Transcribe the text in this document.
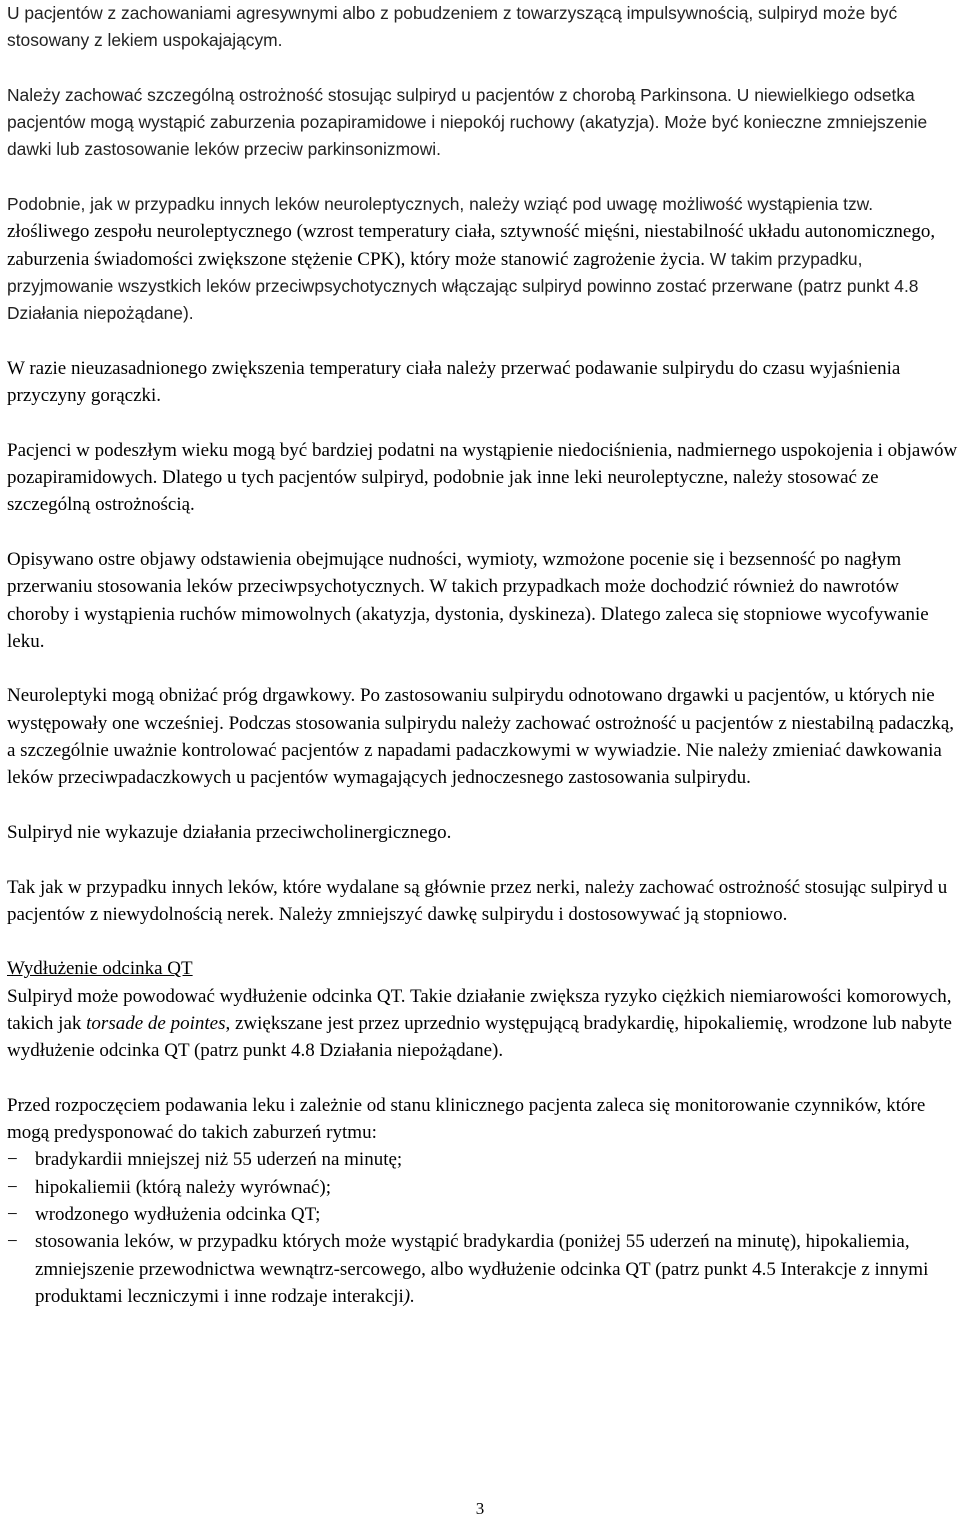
U pacjentów z zachowaniami agresywnymi albo z pobudzeniem z towarzyszącą impulsywnością, sulpiryd może być stosowany z lekiem uspokajającym.

Należy zachować szczególną ostrożność stosując sulpiryd u pacjentów z chorobą Parkinsona. U niewielkiego odsetka pacjentów mogą wystąpić zaburzenia pozapiramidowe i niepokój ruchowy (akatyzja). Może być konieczne zmniejszenie dawki lub zastosowanie leków przeciw parkinsonizmowi.

Podobnie, jak w przypadku innych leków neuroleptycznych, należy wziąć pod uwagę możliwość wystąpienia tzw. złośliwego zespołu neuroleptycznego (wzrost temperatury ciała, sztywność mięśni, niestabilność układu autonomicznego, zaburzenia świadomości zwiększone stężenie CPK), który może stanowić zagrożenie życia. W takim przypadku, przyjmowanie wszystkich leków przeciwpsychotycznych włączając sulpiryd powinno zostać przerwane (patrz punkt 4.8 Działania niepożądane).

W razie nieuzasadnionego zwiększenia temperatury ciała należy przerwać podawanie sulpirydu do czasu wyjaśnienia przyczyny gorączki.

Pacjenci w podeszłym wieku mogą być bardziej podatni na wystąpienie niedociśnienia, nadmiernego uspokojenia i objawów pozapiramidowych. Dlatego u tych pacjentów sulpiryd, podobnie jak inne leki neuroleptyczne, należy stosować ze szczególną ostrożnością.

Opisywano ostre objawy odstawienia obejmujące nudności, wymioty, wzmożone pocenie się i bezsenność po nagłym przerwaniu stosowania leków przeciwpsychotycznych. W takich przypadkach może dochodzić również do nawrotów choroby i wystąpienia ruchów mimowolnych (akatyzja, dystonia, dyskineza). Dlatego zaleca się stopniowe wycofywanie leku.

Neuroleptyki mogą obniżać próg drgawkowy. Po zastosowaniu sulpirydu odnotowano drgawki u pacjentów, u których nie występowały one wcześniej. Podczas stosowania sulpirydu należy zachować ostrożność u pacjentów z niestabilną padaczką, a szczególnie uważnie kontrolować pacjentów z napadami padaczkowymi w wywiadzie. Nie należy zmieniać dawkowania leków przeciwpadaczkowych u pacjentów wymagających jednoczesnego zastosowania sulpirydu.

Sulpiryd nie wykazuje działania przeciwcholinergicznego.

Tak jak w przypadku innych leków, które wydalane są głównie przez nerki, należy zachować ostrożność stosując sulpiryd u pacjentów z niewydolnością nerek. Należy zmniejszyć dawkę sulpirydu i dostosowywać ją stopniowo.

Wydłużenie odcinka QT

Sulpiryd może powodować wydłużenie odcinka QT. Takie działanie zwiększa ryzyko ciężkich niemiarowości komorowych, takich jak torsade de pointes, zwiększane jest przez uprzednio występującą bradykardię, hipokaliemię, wrodzone lub nabyte wydłużenie odcinka QT (patrz punkt 4.8 Działania niepożądane).

Przed rozpoczęciem podawania leku i zależnie od stanu klinicznego pacjenta zaleca się monitorowanie czynników, które mogą predysponować do takich zaburzeń rytmu:
− bradykardii mniejszej niż 55 uderzeń na minutę;
− hipokaliemii (którą należy wyrównać);
− wrodzonego wydłużenia odcinka QT;
− stosowania leków, w przypadku których może wystąpić bradykardia (poniżej 55 uderzeń na minutę), hipokaliemia, zmniejszenie przewodnictwa wewnątrz-sercowego, albo wydłużenie odcinka QT (patrz punkt 4.5 Interakcje z innymi produktami leczniczymi i inne rodzaje interakcji).
3
